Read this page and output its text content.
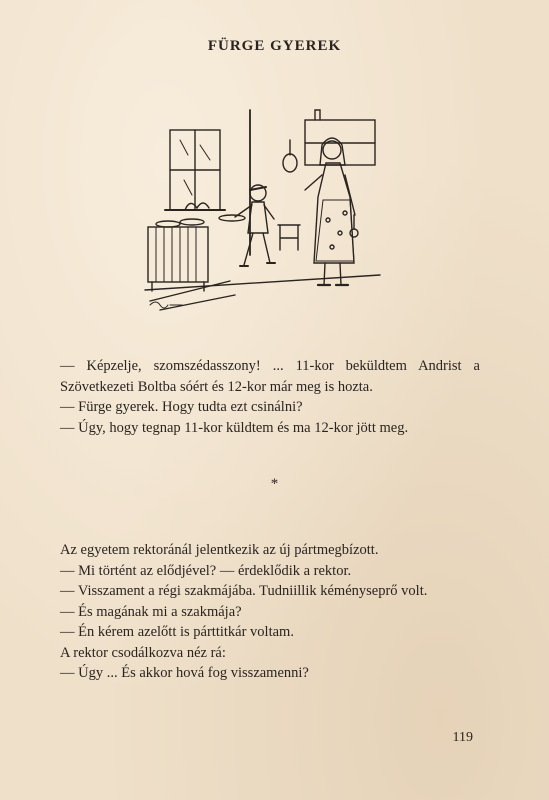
FÜRGE GYEREK

— Képzelje, szomszédasszony! ... 11-kor beküldtem Andrist a Szövetkezeti Boltba sóért és 12-kor már meg is hozta.

— Fürge gyerek. Hogy tudta ezt csinálni?

— Úgy, hogy tegnap 11-kor küldtem és ma 12-kor jött meg.

*

Az egyetem rektoránál jelentkezik az új pártmegbízott.

— Mi történt az elődjével? — érdeklődik a rektor.

— Visszament a régi szakmájába. Tudniillik kéményseprő volt.

— És magának mi a szakmája?

— Én kérem azelőtt is párttitkár voltam.

A rektor csodálkozva néz rá:

— Úgy ... És akkor hová fog visszamenni?

119
